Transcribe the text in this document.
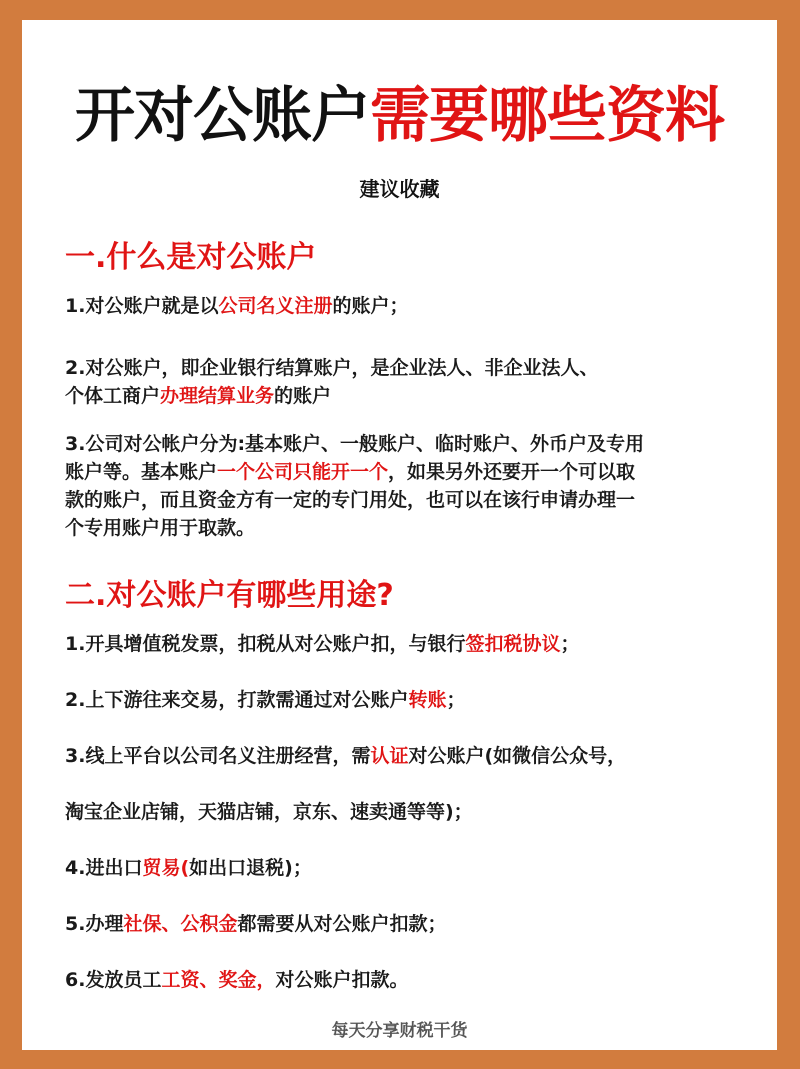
开对公账户需要哪些资料
建议收藏
一.什么是对公账户
1.对公账户就是以公司名义注册的账户；
2.对公账户，即企业银行结算账户，是企业法人、非企业法人、
个体工商户办理结算业务的账户
3.公司对公帐户分为:基本账户、一般账户、临时账户、外币户及专用
账户等。基本账户一个公司只能开一个，如果另外还要开一个可以取
款的账户，而且资金方有一定的专门用处，也可以在该行申请办理一
个专用账户用于取款。
二.对公账户有哪些用途?
1.开具增值税发票，扣税从对公账户扣，与银行签扣税协议；
2.上下游往来交易，打款需通过对公账户转账；
3.线上平台以公司名义注册经营，需认证对公账户(如微信公众号，
淘宝企业店铺，天猫店铺，京东、速卖通等等)；
4.进出口贸易(如出口退税)；
5.办理社保、公积金都需要从对公账户扣款；
6.发放员工工资、奖金，对公账户扣款。
每天分享财税干货
